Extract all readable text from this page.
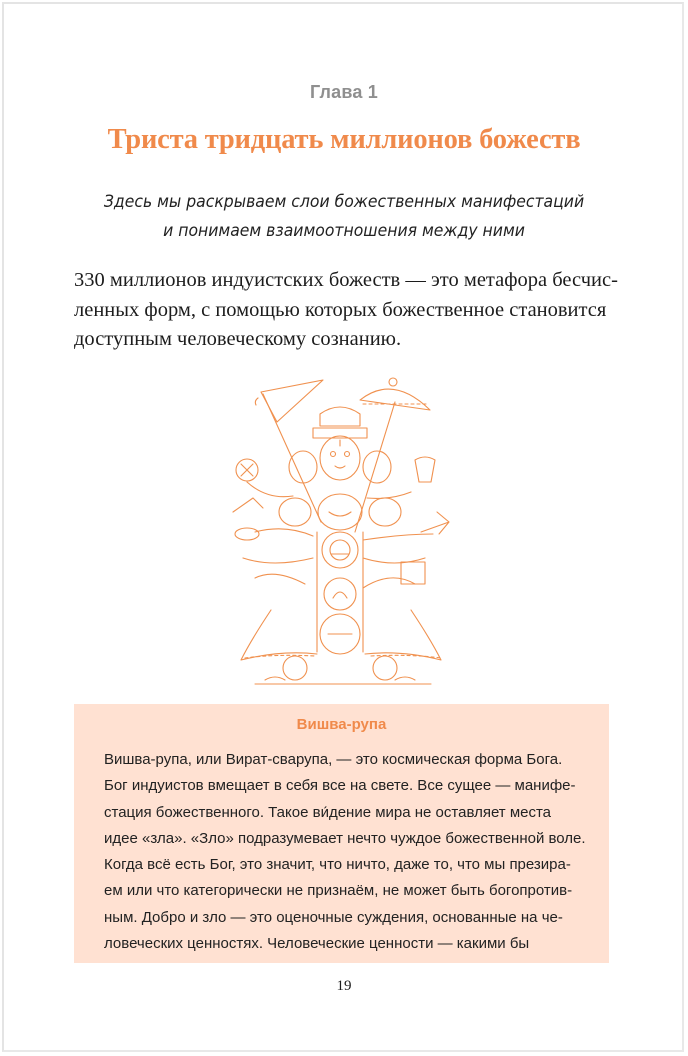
Глава 1
Триста тридцать миллионов божеств
Здесь мы раскрываем слои божественных манифестаций
и понимаем взаимоотношения между ними
330 миллионов индуистских божеств — это метафора бесчис-
ленных форм, с помощью которых божественное становится
доступным человеческому сознанию.
Вишва-рупа
Вишва-рупа, или Вират-сварупа, — это космическая форма Бога.
Бог индуистов вмещает в себя все на свете. Все сущее — манифе-
стация божественного. Такое ви́дение мира не оставляет места
идее «зла». «Зло» подразумевает нечто чуждое божественной воле.
Когда всё есть Бог, это значит, что ничто, даже то, что мы презира-
ем или что категорически не признаём, не может быть богопротив-
ным. Добро и зло — это оценочные суждения, основанные на че-
ловеческих ценностях. Человеческие ценности — какими бы
19
